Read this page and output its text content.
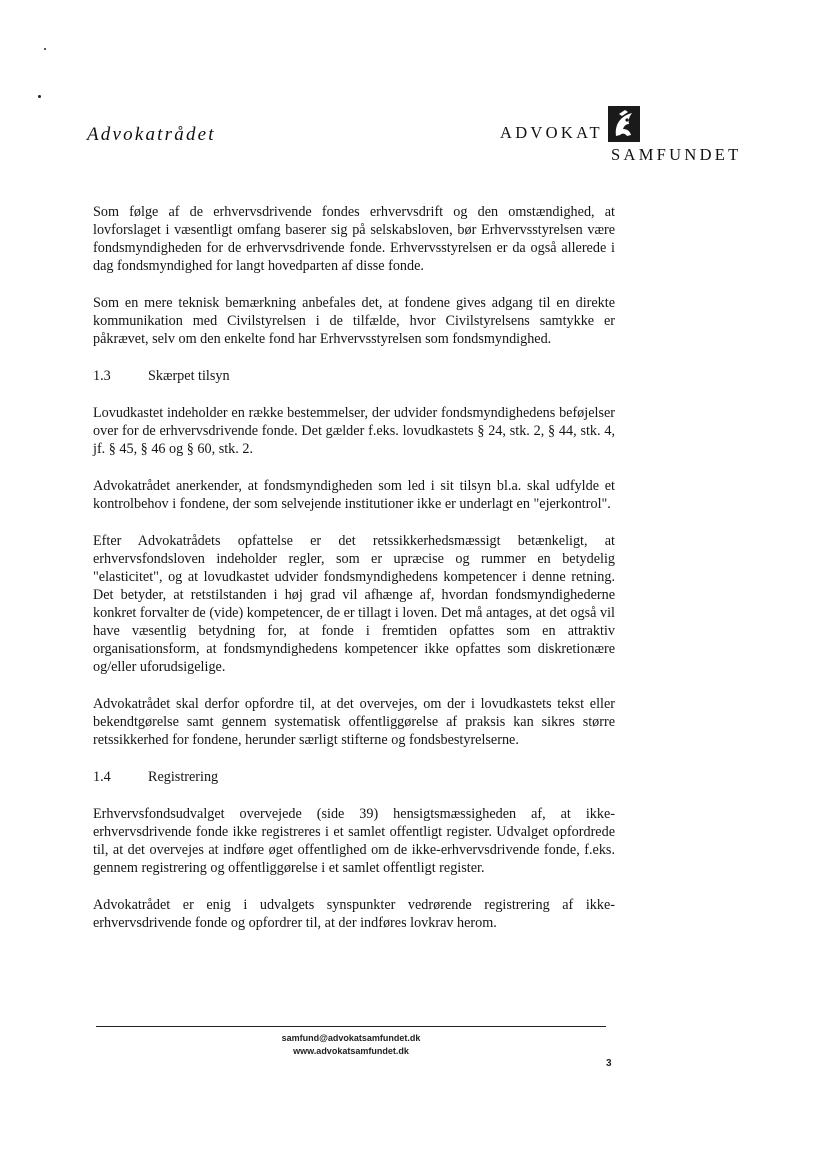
Advokatrådet	ADVOKAT
SAMFUNDET

Som følge af de erhvervsdrivende fondes erhvervsdrift og den omstændighed, at lovforslaget i væsentligt omfang baserer sig på selskabsloven, bør Erhvervsstyrelsen være fondsmyndigheden for de erhvervsdrivende fonde. Erhvervsstyrelsen er da også allerede i dag fondsmyndighed for langt hovedparten af disse fonde.

Som en mere teknisk bemærkning anbefales det, at fondene gives adgang til en direkte kommunikation med Civilstyrelsen i de tilfælde, hvor Civilstyrelsens samtykke er påkrævet, selv om den enkelte fond har Erhvervsstyrelsen som fondsmyndighed.

1.3	Skærpet tilsyn

Lovudkastet indeholder en række bestemmelser, der udvider fondsmyndighedens beføjelser over for de erhvervsdrivende fonde. Det gælder f.eks. lovudkastets § 24, stk. 2, § 44, stk. 4, jf. § 45, § 46 og § 60, stk. 2.

Advokatrådet anerkender, at fondsmyndigheden som led i sit tilsyn bl.a. skal udfylde et kontrolbehov i fondene, der som selvejende institutioner ikke er underlagt en "ejerkontrol".

Efter Advokatrådets opfattelse er det retssikkerhedsmæssigt betænkeligt, at erhvervsfondsloven indeholder regler, som er upræcise og rummer en betydelig "elasticitet", og at lovudkastet udvider fondsmyndighedens kompetencer i denne retning. Det betyder, at retstilstanden i høj grad vil afhænge af, hvordan fondsmyndighederne konkret forvalter de (vide) kompetencer, de er tillagt i loven. Det må antages, at det også vil have væsentlig betydning for, at fonde i fremtiden opfattes som en attraktiv organisationsform, at fondsmyndighedens kompetencer ikke opfattes som diskretionære og/eller uforudsigelige.

Advokatrådet skal derfor opfordre til, at det overvejes, om der i lovudkastets tekst eller bekendtgørelse samt gennem systematisk offentliggørelse af praksis kan sikres større retssikkerhed for fondene, herunder særligt stifterne og fondsbestyrelserne.

1.4	Registrering

Erhvervsfondsudvalget overvejede (side 39) hensigtsmæssigheden af, at ikke-erhvervsdrivende fonde ikke registreres i et samlet offentligt register. Udvalget opfordrede til, at det overvejes at indføre øget offentlighed om de ikke-erhvervsdrivende fonde, f.eks. gennem registrering og offentliggørelse i et samlet offentligt register.

Advokatrådet er enig i udvalgets synspunkter vedrørende registrering af ikke-erhvervsdrivende fonde og opfordrer til, at der indføres lovkrav herom.

samfund@advokatsamfundet.dk
www.advokatsamfundet.dk
3
